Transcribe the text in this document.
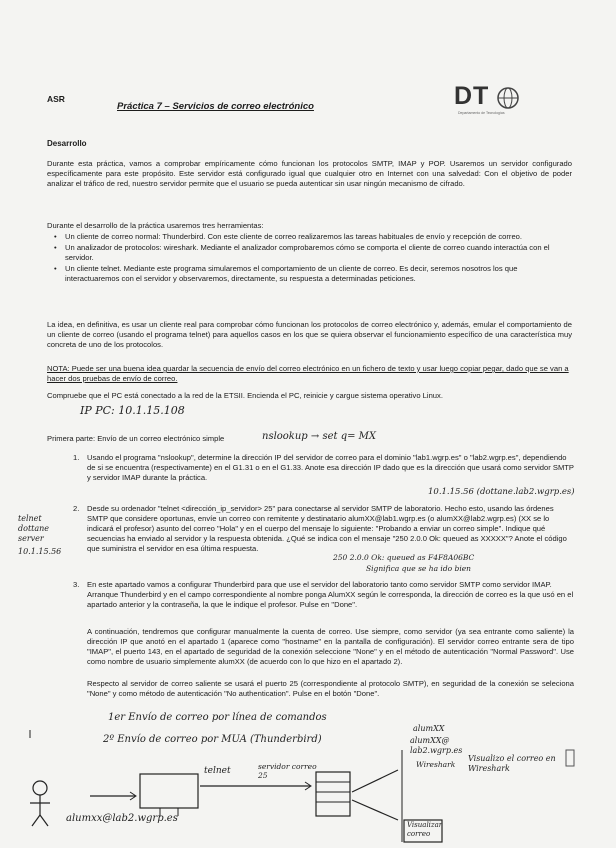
ASR
Práctica 7 – Servicios de correo electrónico	DT
Departamento de Tecnologías
Desarrollo
Durante esta práctica, vamos a comprobar empíricamente cómo funcionan los protocolos SMTP, IMAP y POP. Usaremos un servidor configurado específicamente para este propósito. Este servidor está configurado igual que cualquier otro en Internet con una salvedad: Con el objetivo de poder analizar el tráfico de red, nuestro servidor permite que el usuario se pueda autenticar sin usar ningún mecanismo de cifrado.
Durante el desarrollo de la práctica usaremos tres herramientas:
• Un cliente de correo normal: Thunderbird. Con este cliente de correo realizaremos las tareas habituales de envío y recepción de correo.
• Un analizador de protocolos: wireshark. Mediante el analizador comprobaremos cómo se comporta el cliente de correo cuando interactúa con el servidor.
• Un cliente telnet. Mediante este programa simularemos el comportamiento de un cliente de correo. Es decir, seremos nosotros los que interactuaremos con el servidor y observaremos, directamente, su respuesta a determinadas peticiones.
La idea, en definitiva, es usar un cliente real para comprobar cómo funcionan los protocolos de correo electrónico y, además, emular el comportamiento de un cliente de correo (usando el programa telnet) para aquellos casos en los que se quiera observar el funcionamiento específico de una característica muy concreta de uno de los protocolos.
NOTA: Puede ser una buena idea guardar la secuencia de envío del correo electrónico en un fichero de texto y usar luego copiar pegar, dado que se van a hacer dos pruebas de envío de correo.
Compruebe que el PC está conectado a la red de la ETSII. Encienda el PC, reinicie y cargue sistema operativo Linux.
IP PC: 10.1.15.108
Primera parte: Envío de un correo electrónico simple	nslookup → set q= MX
1. Usando el programa "nslookup", determine la dirección IP del servidor de correo para el dominio "lab1.wgrp.es" o "lab2.wgrp.es", dependiendo de si se encuentra (respectivamente) en el G1.31 o en el G1.33. Anote esa dirección IP dado que es la dirección que usará como servidor SMTP y servidor IMAP durante la práctica.
10.1.15.56 (dottane.lab2.wgrp.es)
2. Desde su ordenador "telnet <dirección_ip_servidor> 25" para conectarse al servidor SMTP de laboratorio. Hecho esto, usando las órdenes SMTP que considere oportunas, envíe un correo con remitente y destinatario alumXX@lab1.wgrp.es (o alumXX@lab2.wgrp.es) (XX se lo indicará el profesor) asunto del correo "Hola" y en el cuerpo del mensaje lo siguiente: "Probando a enviar un correo simple". Indique qué secuencias ha enviado al servidor y la respuesta obtenida. ¿Qué se indica con el mensaje "250 2.0.0 Ok: queued as XXXXX"? Anote el código que suministra el servidor en esa última respuesta.
telnet
dottane
server
10.1.15.56
250 2.0.0 Ok: queued as F4F8A06BC
Significa que se ha ido bien
3. En este apartado vamos a configurar Thunderbird para que use el servidor del laboratorio tanto como servidor SMTP como servidor IMAP. Arranque Thunderbird y en el campo correspondiente al nombre ponga AlumXX según le corresponda, la dirección de correo es la que usó en el apartado anterior y la contraseña, la que le indique el profesor. Pulse en "Done".
A continuación, tendremos que configurar manualmente la cuenta de correo. Use siempre, como servidor (ya sea entrante como saliente) la dirección IP que anotó en el apartado 1 (aparece como "hostname" en la pantalla de configuración). El servidor correo entrante sera de tipo "IMAP", el puerto 143, en el apartado de seguridad de la conexión seleccione "None" y en el método de autenticación "Normal Password". Use como nombre de usuario simplemente alumXX (de acuerdo con lo que hizo en el apartado 2).
Respecto al servidor de correo saliente se usará el puerto 25 (correspondiente al protocolo SMTP), en seguridad de la conexión se seleciona "None" y como método de autenticación "No authentication". Pulse en el botón "Done".
1er Envío de correo por línea de comandos
2º Envío de correo por MUA (Thunderbird)
telnet	servidor correo
25
alumXX
alumXX@
lab2.wgrp.es
Wireshark
Visualizo el correo en Wireshark
Visualizar correo
alumxx@lab2.wgrp.es
